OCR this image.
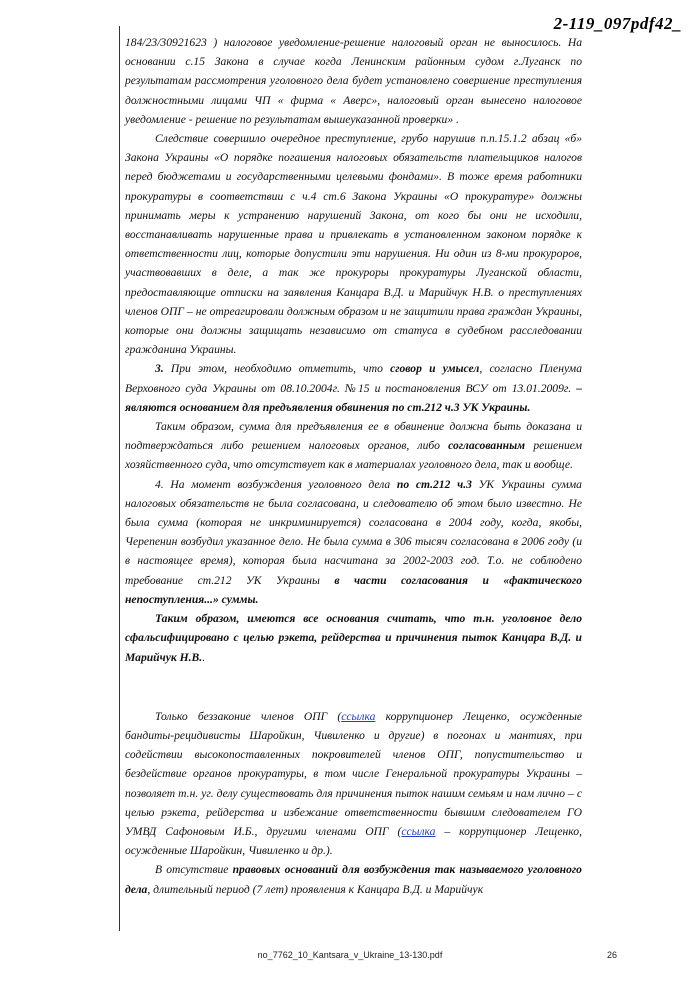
2-119_097pdf42_

184/23/30921623 ) налоговое уведомление-решение налоговый орган не выносилось. На основании с.15 Закона в случае когда Ленинским районным судом г.Луганск по результатам рассмотрения уголовного дела будет установлено совершение преступления должностными лицами ЧП « фирма « Аверс», налоговый орган вынесено налоговое уведомление - решение по результатам вышеуказанной проверки» .

Следствие совершило очередное преступление, грубо нарушив п.п.15.1.2 абзац «б» Закона Украины «О порядке погашения налоговых обязательств плательщиков налогов перед бюджетами и государственными целевыми фондами». В тоже время работники прокуратуры в соответствии с ч.4 ст.6 Закона Украины «О прокуратуре» должны принимать меры к устранению нарушений Закона, от кого бы они не исходили, восстанавливать нарушенные права и привлекать в установленном законом порядке к ответственности лиц, которые допустили эти нарушения. Ни один из 8-ми прокуроров, участвовавших в деле, а так же прокуроры прокуратуры Луганской области, предоставляющие отписки на заявления Канцара В.Д. и Марийчук Н.В. о преступлениях членов ОПГ – не отреагировали должным образом и не защитили права граждан Украины, которые они должны защищать независимо от статуса в судебном расследовании гражданина Украины.

3. При этом, необходимо отметить, что сговор и умысел, согласно Пленума Верховного суда Украины от 08.10.2004г. №15 и постановления ВСУ от 13.01.2009г. – являются основанием для предъявления обвинения по ст.212 ч.3 УК Украины.

Таким образом, сумма для предъявления ее в обвинение должна быть доказана и подтверждаться либо решением налоговых органов, либо согласованным решением хозяйственного суда, что отсутствует как в материалах уголовного дела, так и вообще.

4. На момент возбуждения уголовного дела по ст.212 ч.3 УК Украины сумма налоговых обязательств не была согласована, и следователю об этом было известно. Не была сумма (которая не инкриминируется) согласована в 2004 году, когда, якобы, Черепенин возбудил указанное дело. Не была сумма в 306 тысяч согласована в 2006 году (и в настоящее время), которая была насчитана за 2002-2003 год. Т.о. не соблюдено требование ст.212 УК Украины в части согласования и «фактического непоступления...» суммы.

Таким образом, имеются все основания считать, что т.н. уголовное дело сфальсифицировано с целью рэкета, рейдерства и причинения пыток Канцара В.Д. и Марийчук Н.В..

Только беззаконие членов ОПГ (ссылка коррупционер Лещенко, осужденные бандиты-рецидивисты Шаройкин, Чивиленко и другие) в погонах и мантиях, при содействии высокопоставленных покровителей членов ОПГ, попустительство и бездействие органов прокуратуры, в том числе Генеральной прокуратуры Украины – позволяет т.н. уг. делу существовать для причинения пыток нашим семьям и нам лично – с целью рэкета, рейдерства и избежание ответственности бывшим следователем ГО УМВД Сафоновым И.Б., другими членами ОПГ (ссылка – коррупционер Лещенко, осужденные Шаройкин, Чивиленко и др.).

В отсутствие правовых оснований для возбуждения так называемого уголовного дела, длительный период (7 лет) проявления к Канцара В.Д. и Марийчук

no_7762_10_Kantsara_v_Ukraine_13-130.pdf	26
